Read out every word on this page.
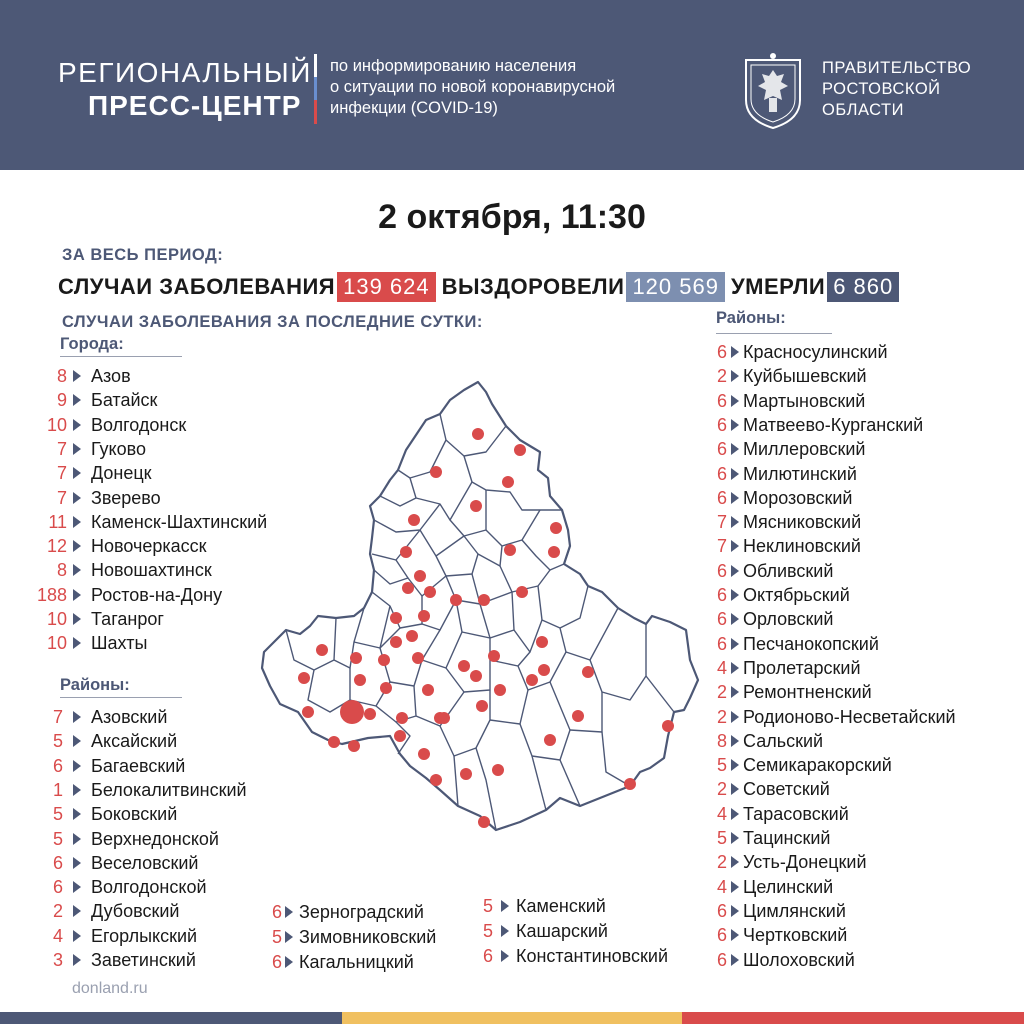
РЕГИОНАЛЬНЫЙ
ПРЕСС-ЦЕНТР
по информированию населения
о ситуации по новой коронавирусной
инфекции (COVID-19)
ПРАВИТЕЛЬСТВО
РОСТОВСКОЙ
ОБЛАСТИ
2 октября, 11:30
ЗА ВЕСЬ ПЕРИОД:
СЛУЧАИ ЗАБОЛЕВАНИЯ 139 624 ВЫЗДОРОВЕЛИ 120 569 УМЕРЛИ 6 860
СЛУЧАИ ЗАБОЛЕВАНИЯ ЗА ПОСЛЕДНИЕ СУТКИ:
Города:
8 Азов
9 Батайск
10 Волгодонск
7 Гуково
7 Донецк
7 Зверево
11 Каменск-Шахтинский
12 Новочеркасск
8 Новошахтинск
188 Ростов-на-Дону
10 Таганрог
10 Шахты
Районы:
7 Азовский
5 Аксайский
6 Багаевский
1 Белокалитвинский
5 Боковский
5 Верхнедонской
6 Веселовский
6 Волгодонской
2 Дубовский
4 Егорлыкский
3 Заветинский
6 Зерноградский
5 Зимовниковский
6 Кагальницкий
5 Каменский
5 Кашарский
6 Константиновский
Районы:
6 Красносулинский
2 Куйбышевский
6 Мартыновский
6 Матвеево-Курганский
6 Миллеровский
6 Милютинский
6 Морозовский
7 Мясниковский
7 Неклиновский
6 Обливский
6 Октябрьский
6 Орловский
6 Песчанокопский
4 Пролетарский
2 Ремонтненский
2 Родионово-Несветайский
8 Сальский
5 Семикаракорский
2 Советский
4 Тарасовский
5 Тацинский
2 Усть-Донецкий
4 Целинский
6 Цимлянский
6 Чертковский
6 Шолоховский
donland.ru
